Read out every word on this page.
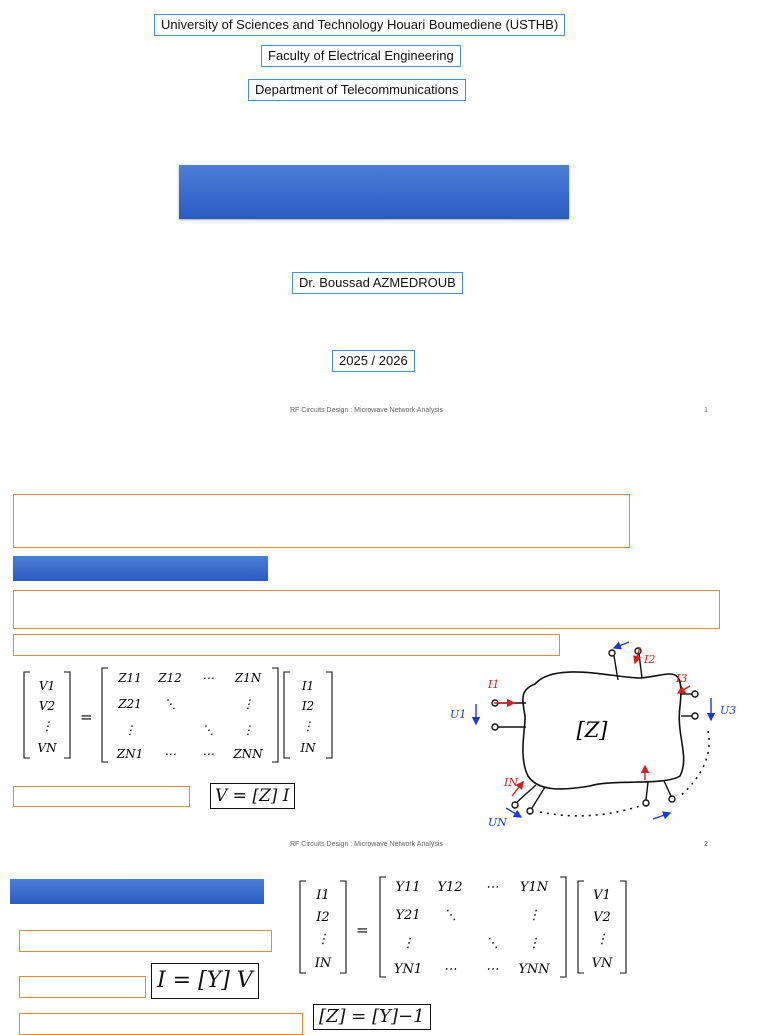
University of Sciences and Technology Houari Boumediene (USTHB)
Faculty of Electrical Engineering
Department of Telecommunications
Dr. Boussad AZMEDROUB
2025 / 2026
RF Circuits Design : Microwave Network Analysis	1
=
V1
V2
⋮
VN
Z11 Z12 ⋯ Z1N
Z21 ⋱	⋮
⋮	⋱ ⋮
ZN1 ⋯ ⋯ ZNN
I1
I2
⋮
IN
V = [Z] I
[Z]
I1
I2
I3
IN
U1	U3
UN
RF Circuits Design : Microwave Network Analysis	2
=
I1
I2
⋮
IN
Y11 Y12 ⋯ Y1N
Y21 ⋱	⋮
⋮	⋱ ⋮
YN1 ⋯ ⋯ YNN
V1
V2
⋮
VN
I = [Y] V
[Z] = [Y]−1
